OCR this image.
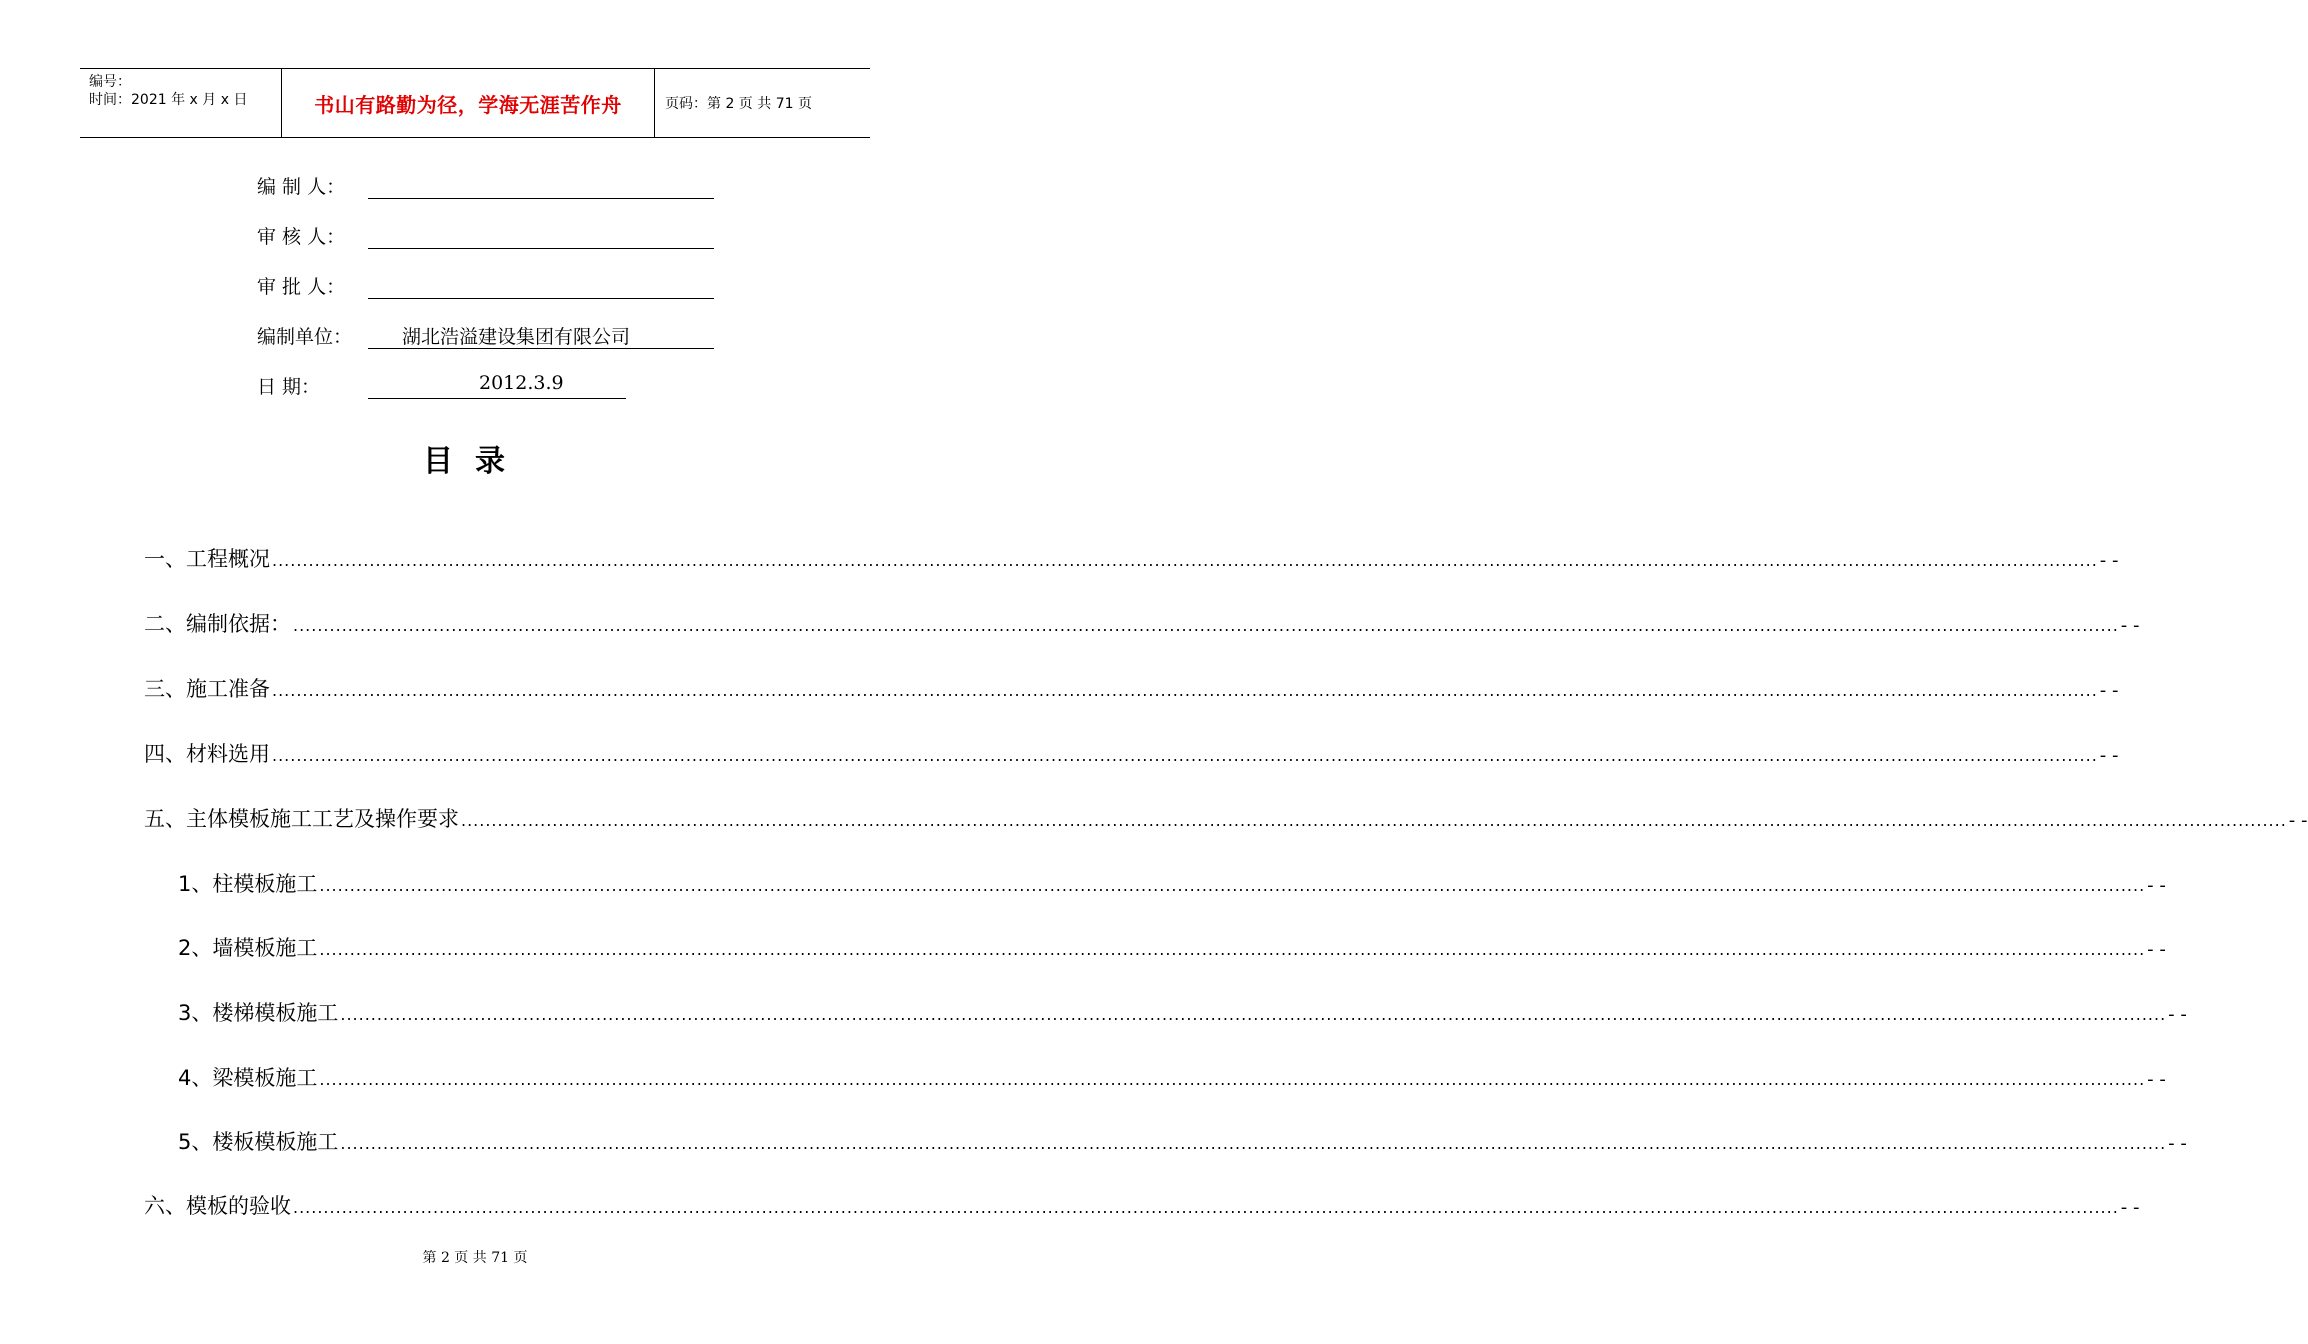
编号：
时间：2021 年 x 月 x 日	书山有路勤为径，学海无涯苦作舟	页码：第 2 页 共 71 页
编 制 人：
审 核 人：
审 批 人：
编制单位：	湖北浩溢建设集团有限公司
日 期：	2012.3.9
目录
一、工程概况 ............................................................................................................................................................................................................................................................................................................ - -
二、编制依据： ............................................................................................................................................................................................................................................................................................................ - -
三、施工准备 ............................................................................................................................................................................................................................................................................................................ - -
四、材料选用 ............................................................................................................................................................................................................................................................................................................ - -
五、主体模板施工工艺及操作要求 ............................................................................................................................................................................................................................................................................................................ - -
1、柱模板施工 ............................................................................................................................................................................................................................................................................................................ - -
2、墙模板施工 ............................................................................................................................................................................................................................................................................................................ - -
3、楼梯模板施工 ............................................................................................................................................................................................................................................................................................................ - -
4、梁模板施工 ............................................................................................................................................................................................................................................................................................................ - -
5、楼板模板施工 ............................................................................................................................................................................................................................................................................................................ - -
六、模板的验收 ............................................................................................................................................................................................................................................................................................................ - -
第 2 页 共 71 页
